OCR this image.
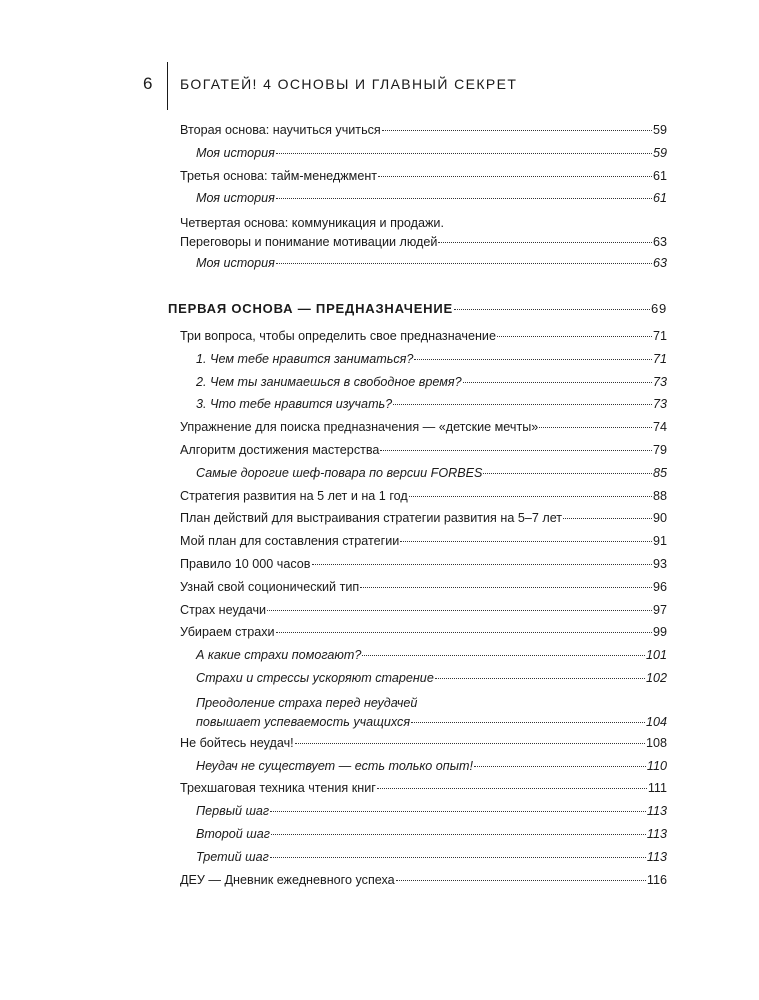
6 БОГАТЕЙ! 4 ОСНОВЫ И ГЛАВНЫЙ СЕКРЕТ
Вторая основа: научиться учиться	59
Моя история	59
Третья основа: тайм-менеджмент	61
Моя история	61
Четвертая основа: коммуникация и продажи.
Переговоры и понимание мотивации людей	63
Моя история	63
ПЕРВАЯ ОСНОВА — ПРЕДНАЗНАЧЕНИЕ	69
Три вопроса, чтобы определить свое предназначение	71
1. Чем тебе нравится заниматься?	71
2. Чем ты занимаешься в свободное время?	73
3. Что тебе нравится изучать?	73
Упражнение для поиска предназначения — «детские мечты»	74
Алгоритм достижения мастерства	79
Самые дорогие шеф-повара по версии FORBES	85
Стратегия развития на 5 лет и на 1 год	88
План действий для выстраивания стратегии развития на 5–7 лет	90
Мой план для составления стратегии	91
Правило 10 000 часов	93
Узнай свой соционический тип	96
Страх неудачи	97
Убираем страхи	99
А какие страхи помогают?	101
Страхи и стрессы ускоряют старение	102
Преодоление страха перед неудачей
повышает успеваемость учащихся	104
Не бойтесь неудач!	108
Неудач не существует — есть только опыт!	110
Трехшаговая техника чтения книг	111
Первый шаг	113
Второй шаг	113
Третий шаг	113
ДЕУ — Дневник ежедневного успеха	116
